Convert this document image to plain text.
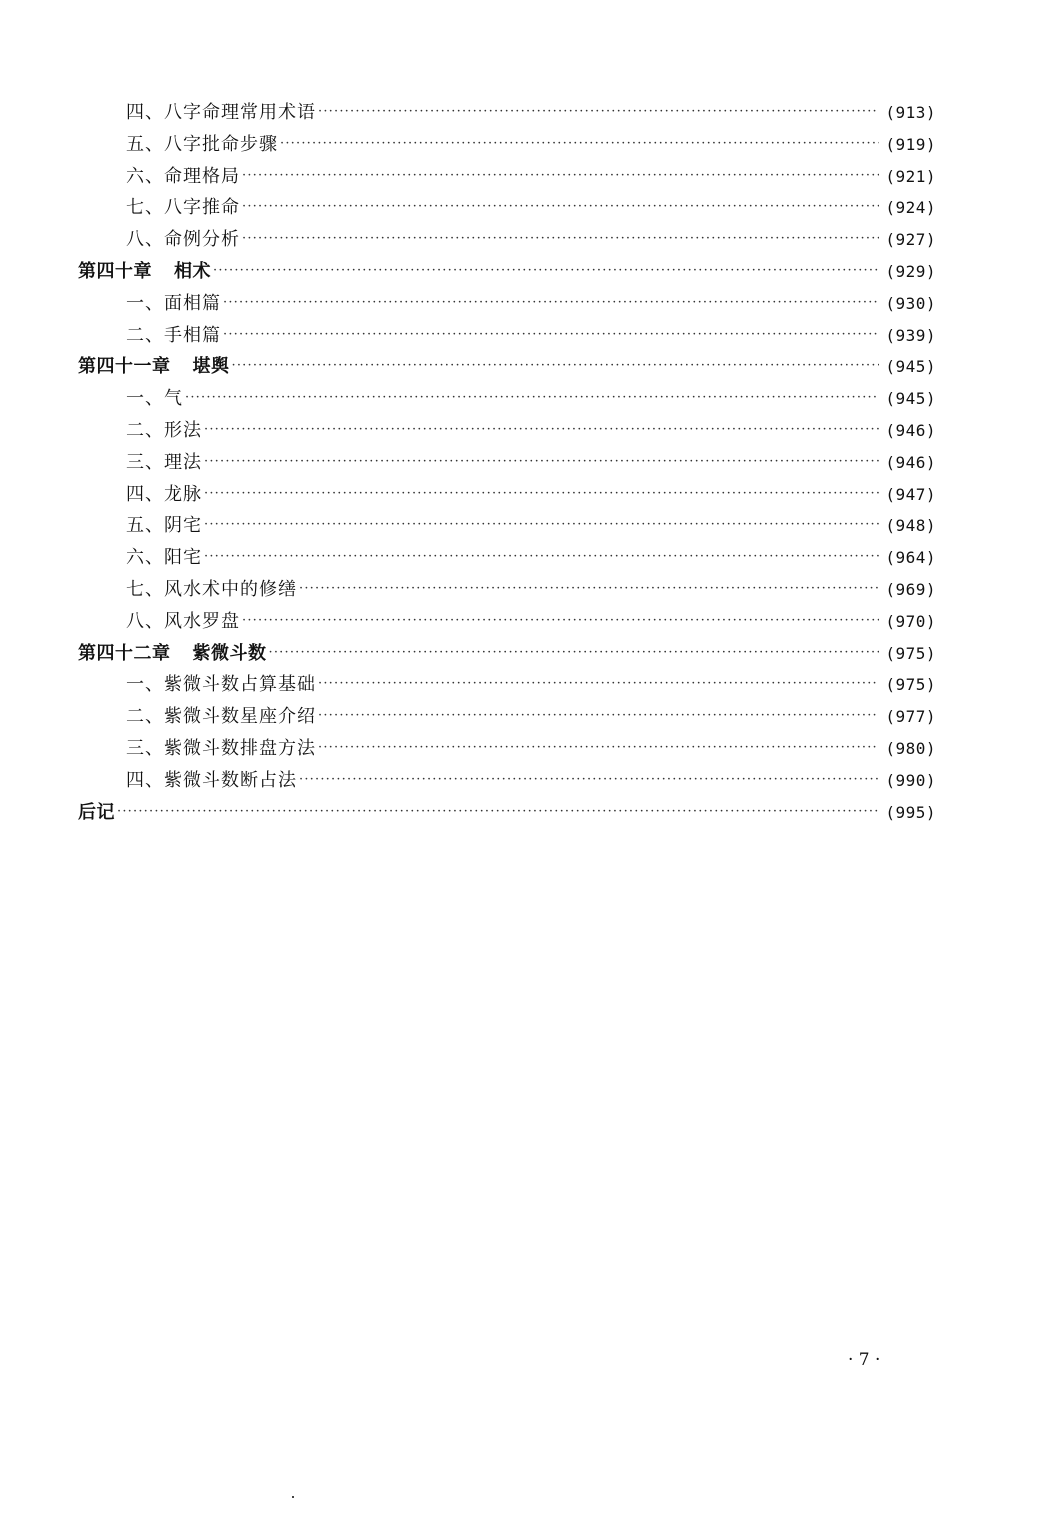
四、八字命理常用术语 ·····	(913)
五、八字批命步骤 ·····	(919)
六、命理格局 ·····	(921)
七、八字推命 ·····	(924)
八、命例分析 ·····	(927)
第四十章 相术 ·····	(929)
一、面相篇 ·····	(930)
二、手相篇 ·····	(939)
第四十一章 堪舆 ·····	(945)
一、气 ·····	(945)
二、形法 ·····	(946)
三、理法 ·····	(946)
四、龙脉 ·····	(947)
五、阴宅 ·····	(948)
六、阳宅 ·····	(964)
七、风水术中的修缮 ·····	(969)
八、风水罗盘 ·····	(970)
第四十二章 紫微斗数 ·····	(975)
一、紫微斗数占算基础 ·····	(975)
二、紫微斗数星座介绍 ·····	(977)
三、紫微斗数排盘方法 ·····	(980)
四、紫微斗数断占法 ·····	(990)
后记 ·····	(995)
· 7 ·
